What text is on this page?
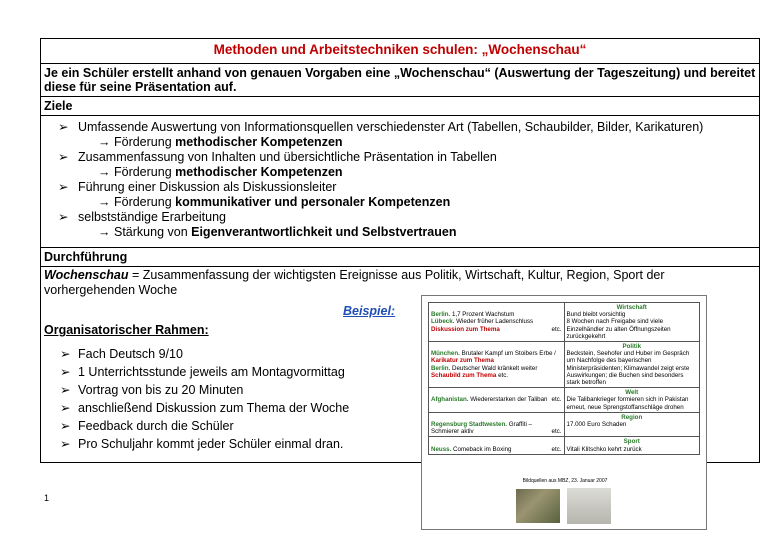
Methoden und Arbeitstechniken schulen: „Wochenschau“
Je ein Schüler erstellt anhand von genauen Vorgaben eine „Wochenschau“ (Auswertung der Tageszeitung) und bereitet diese für seine Präsentation auf.
Ziele
➢ Umfassende Auswertung von Informationsquellen verschiedenster Art (Tabellen, Schaubilder, Bilder, Karikaturen)
→ Förderung methodischer Kompetenzen
➢ Zusammenfassung von Inhalten und übersichtliche Präsentation in Tabellen
→ Förderung methodischer Kompetenzen
➢ Führung einer Diskussion als Diskussionsleiter
→ Förderung kommunikativer und personaler Kompetenzen
➢ selbstständige Erarbeitung
→ Stärkung von Eigenverantwortlichkeit und Selbstvertrauen
Durchführung
Wochenschau = Zusammenfassung der wichtigsten Ereignisse aus Politik, Wirtschaft, Kultur, Region, Sport der vorhergehenden Woche
Beispiel:
Organisatorischer Rahmen:
➢ Fach Deutsch 9/10
➢ 1 Unterrichtsstunde jeweils am Montagvormittag
➢ Vortrag von bis zu 20 Minuten
➢ anschließend Diskussion zum Thema der Woche
➢ Feedback durch die Schüler
➢ Pro Schuljahr kommt jeder Schüler einmal dran.

Berlin. 1,7 Prozent Wachstum
Lübeck. Wieder früher Ladenschluss
Diskussion zum Thema etc.	Wirtschaft
Bund bleibt vorsichtig
8 Wochen nach Freigabe sind viele Einzelhändler zu alten Öffnungszeiten zurückgekehrt

München. Brutaler Kampf um Stoibers Erbe / Karikatur zum Thema
Berlin. Deutscher Wald kränkelt weiter Schaubild zum Thema etc.	Politik
Beckstein, Seehofer und Huber im Gespräch um Nachfolge des bayerischen Ministerpräsidenten; Klimawandel zeigt erste Auswirkungen; die Buchen sind besonders stark betroffen

Afghanistan. Wiedererstarken der Taliban etc.	Welt
Die Talibankrieger formieren sich in Pakistan erneut, neue Sprengstoffanschläge drohen

Regensburg Stadtwesten. Graffiti – Schmierer aktiv etc.	Region
17.000 Euro Schaden

Neuss. Comeback im Boxing etc.	Sport
Vitali Klitschko kehrt zurück
Bildquellen aus MBZ, 23. Januar 2007
1
